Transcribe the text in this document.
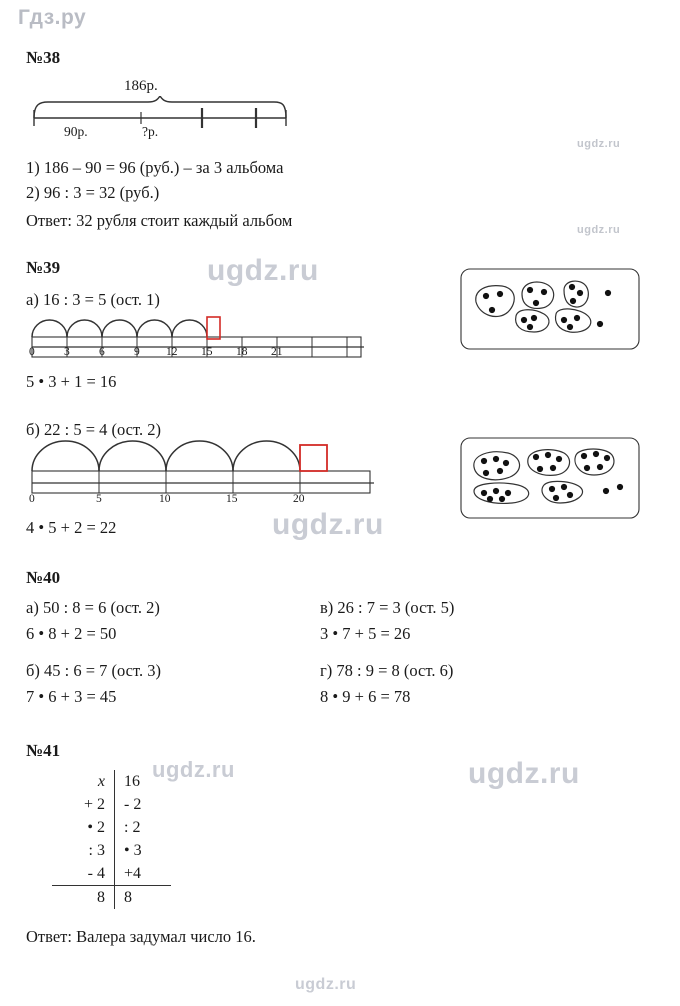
Гдз.ру
ugdz.ru
ugdz.ru
ugdz.ru
ugdz.ru
ugdz.ru	ugdz.ru
ugdz.ru
№38
186р.
90р.	?р.
1) 186 – 90 = 96 (руб.) – за 3 альбома
2) 96 : 3 = 32 (руб.)
Ответ: 32 рубля стоит каждый альбом
№39
а) 16 : 3 = 5 (ост. 1)
0	3	6	9 12 15 18 21
5 • 3 + 1 = 16
б) 22 : 5 = 4 (ост. 2)
0	5	10	15	20
4 • 5 + 2 = 22
№40
а) 50 : 8 = 6 (ост. 2)
6 • 8 + 2 = 50
б) 45 : 6 = 7 (ост. 3)
7 • 6 + 3 = 45
в) 26 : 7 = 3 (ост. 5)
3 • 7 + 5 = 26
г) 78 : 9 = 8 (ост. 6)
8 • 9 + 6 = 78
№41
x	16
+ 2	- 2
• 2	: 2
: 3	• 3
- 4	+4
8	8
Ответ: Валера задумал число 16.
